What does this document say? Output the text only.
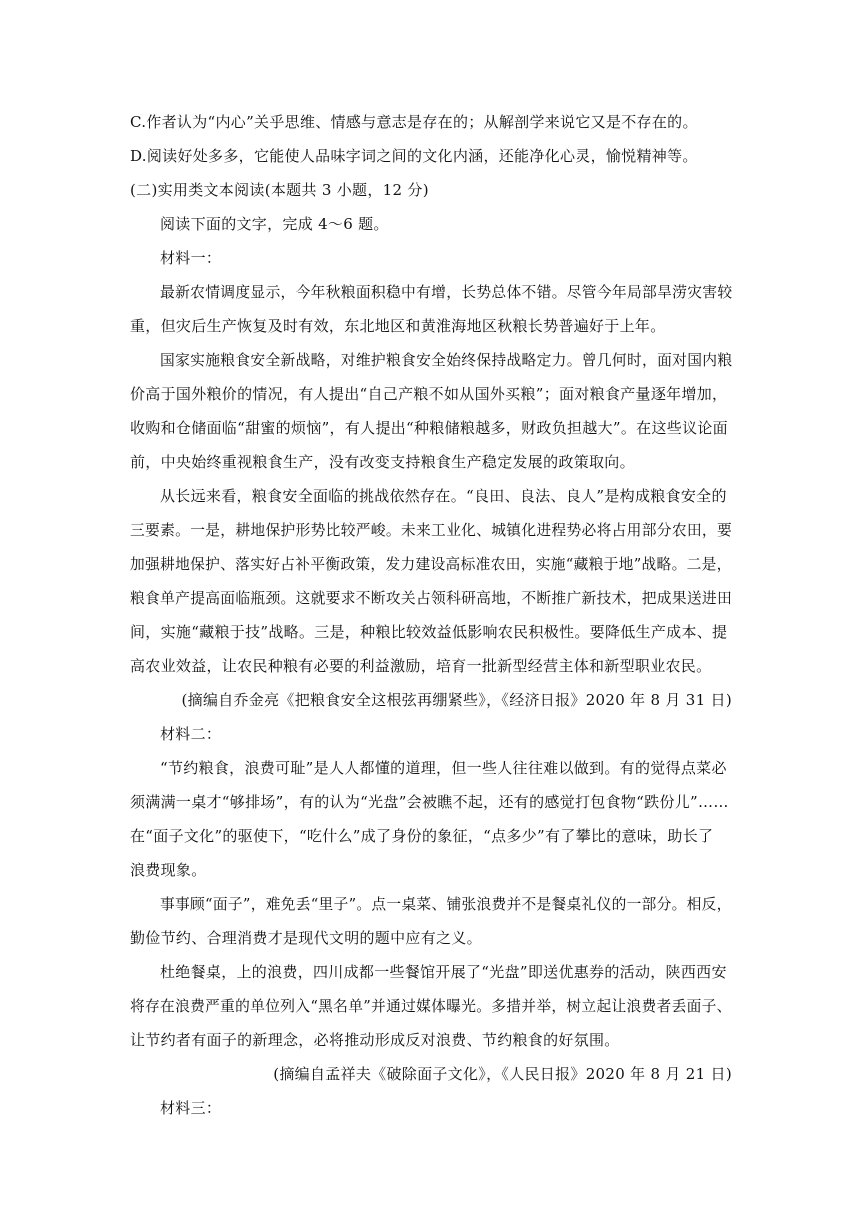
C.作者认为“内心”关乎思维、情感与意志是存在的；从解剖学来说它又是不存在的。
D.阅读好处多多，它能使人品味字词之间的文化内涵，还能净化心灵，愉悦精神等。
(二)实用类文本阅读(本题共 3 小题，12 分)
阅读下面的文字，完成 4～6 题。
材料一：
最新农情调度显示，今年秋粮面积稳中有增，长势总体不错。尽管今年局部旱涝灾害较
重，但灾后生产恢复及时有效，东北地区和黄淮海地区秋粮长势普遍好于上年。
国家实施粮食安全新战略，对维护粮食安全始终保持战略定力。曾几何时，面对国内粮
价高于国外粮价的情况，有人提出“自己产粮不如从国外买粮”；面对粮食产量逐年增加，
收购和仓储面临“甜蜜的烦恼”，有人提出“种粮储粮越多，财政负担越大”。在这些议论面
前，中央始终重视粮食生产，没有改变支持粮食生产稳定发展的政策取向。
从长远来看，粮食安全面临的挑战依然存在。“良田、良法、良人”是构成粮食安全的
三要素。一是，耕地保护形势比较严峻。未来工业化、城镇化进程势必将占用部分农田，要
加强耕地保护、落实好占补平衡政策，发力建设高标准农田，实施“藏粮于地”战略。二是，
粮食单产提高面临瓶颈。这就要求不断攻关占领科研高地，不断推广新技术，把成果送进田
间，实施“藏粮于技”战略。三是，种粮比较效益低影响农民积极性。要降低生产成本、提
高农业效益，让农民种粮有必要的利益激励，培育一批新型经营主体和新型职业农民。
(摘编自乔金亮《把粮食安全这根弦再绷紧些》，《经济日报》2020 年 8 月 31 日)
材料二：
“节约粮食，浪费可耻”是人人都懂的道理，但一些人往往难以做到。有的觉得点菜必
须满满一桌才“够排场”，有的认为“光盘”会被瞧不起，还有的感觉打包食物“跌份儿”……
在“面子文化”的驱使下，“吃什么”成了身份的象征，“点多少”有了攀比的意味，助长了
浪费现象。
事事顾“面子”，难免丢“里子”。点一桌菜、铺张浪费并不是餐桌礼仪的一部分。相反，
勤俭节约、合理消费才是现代文明的题中应有之义。
杜绝餐桌，上的浪费，四川成都一些餐馆开展了“光盘”即送优惠券的活动，陕西西安
将存在浪费严重的单位列入“黑名单”并通过媒体曝光。多措并举，树立起让浪费者丢面子、
让节约者有面子的新理念，必将推动形成反对浪费、节约粮食的好氛围。
(摘编自孟祥夫《破除面子文化》，《人民日报》2020 年 8 月 21 日)
材料三：
